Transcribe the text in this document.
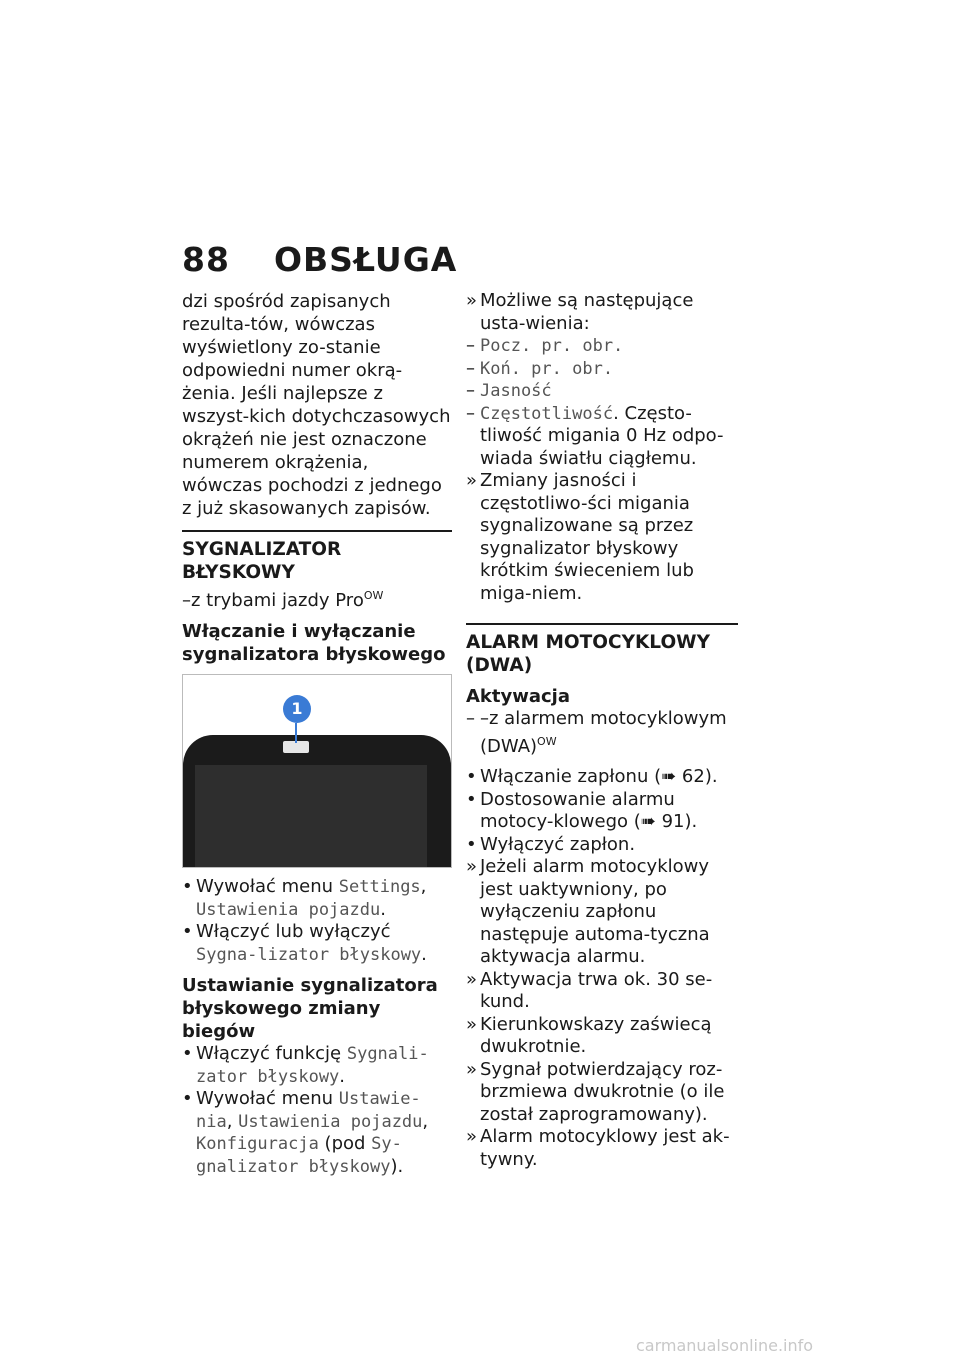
88 OBSŁUGA

dzi spośród zapisanych rezulta-tów, wówczas wyświetlony zo-stanie odpowiedni numer okrą-żenia. Jeśli najlepsze z wszyst-kich dotychczasowych okrążeń nie jest oznaczone numerem okrążenia, wówczas pochodzi z jednego z już skasowanych zapisów.

SYGNALIZATOR BŁYSKOWY

–z trybami jazdy Pro$^{OW}$

Włączanie i wyłączanie sygnalizatora błyskowego
1

• Wywołać menu Settings, Ustawienia pojazdu.

• Włączyć lub wyłączyć Sygna-lizator błyskowy.

Ustawianie sygnalizatora błyskowego zmiany biegów

• Włączyć funkcję Sygnali-zator błyskowy.

• Wywołać menu Ustawie-nia, Ustawienia pojazdu, Konfiguracja (pod Sy-gnalizator błyskowy).

» Możliwe są następujące usta-wienia:

– Pocz. pr. obr.

– Koń. pr. obr.

– Jasność

– Częstotliwość. Często-tliwość migania 0 Hz odpo-wiada światłu ciągłemu.

» Zmiany jasności i częstotliwo-ści migania sygnalizowane są przez sygnalizator błyskowy krótkim świeceniem lub miga-niem.

ALARM MOTOCYKLOWY (DWA)
Aktywacja

– –z alarmem motocyklowym (DWA)$^{OW}$

• Włączanie zapłonu (➠ 62).

• Dostosowanie alarmu motocy-klowego (➠ 91).

• Wyłączyć zapłon.

» Jeżeli alarm motocyklowy jest uaktywniony, po wyłączeniu zapłonu następuje automa-tyczna aktywacja alarmu.

» Aktywacja trwa ok. 30 se-kund.

» Kierunkowskazy zaświecą dwukrotnie.

» Sygnał potwierdzający roz-brzmiewa dwukrotnie (o ile został zaprogramowany).

» Alarm motocyklowy jest ak-tywny.

carmanualsonline.info
